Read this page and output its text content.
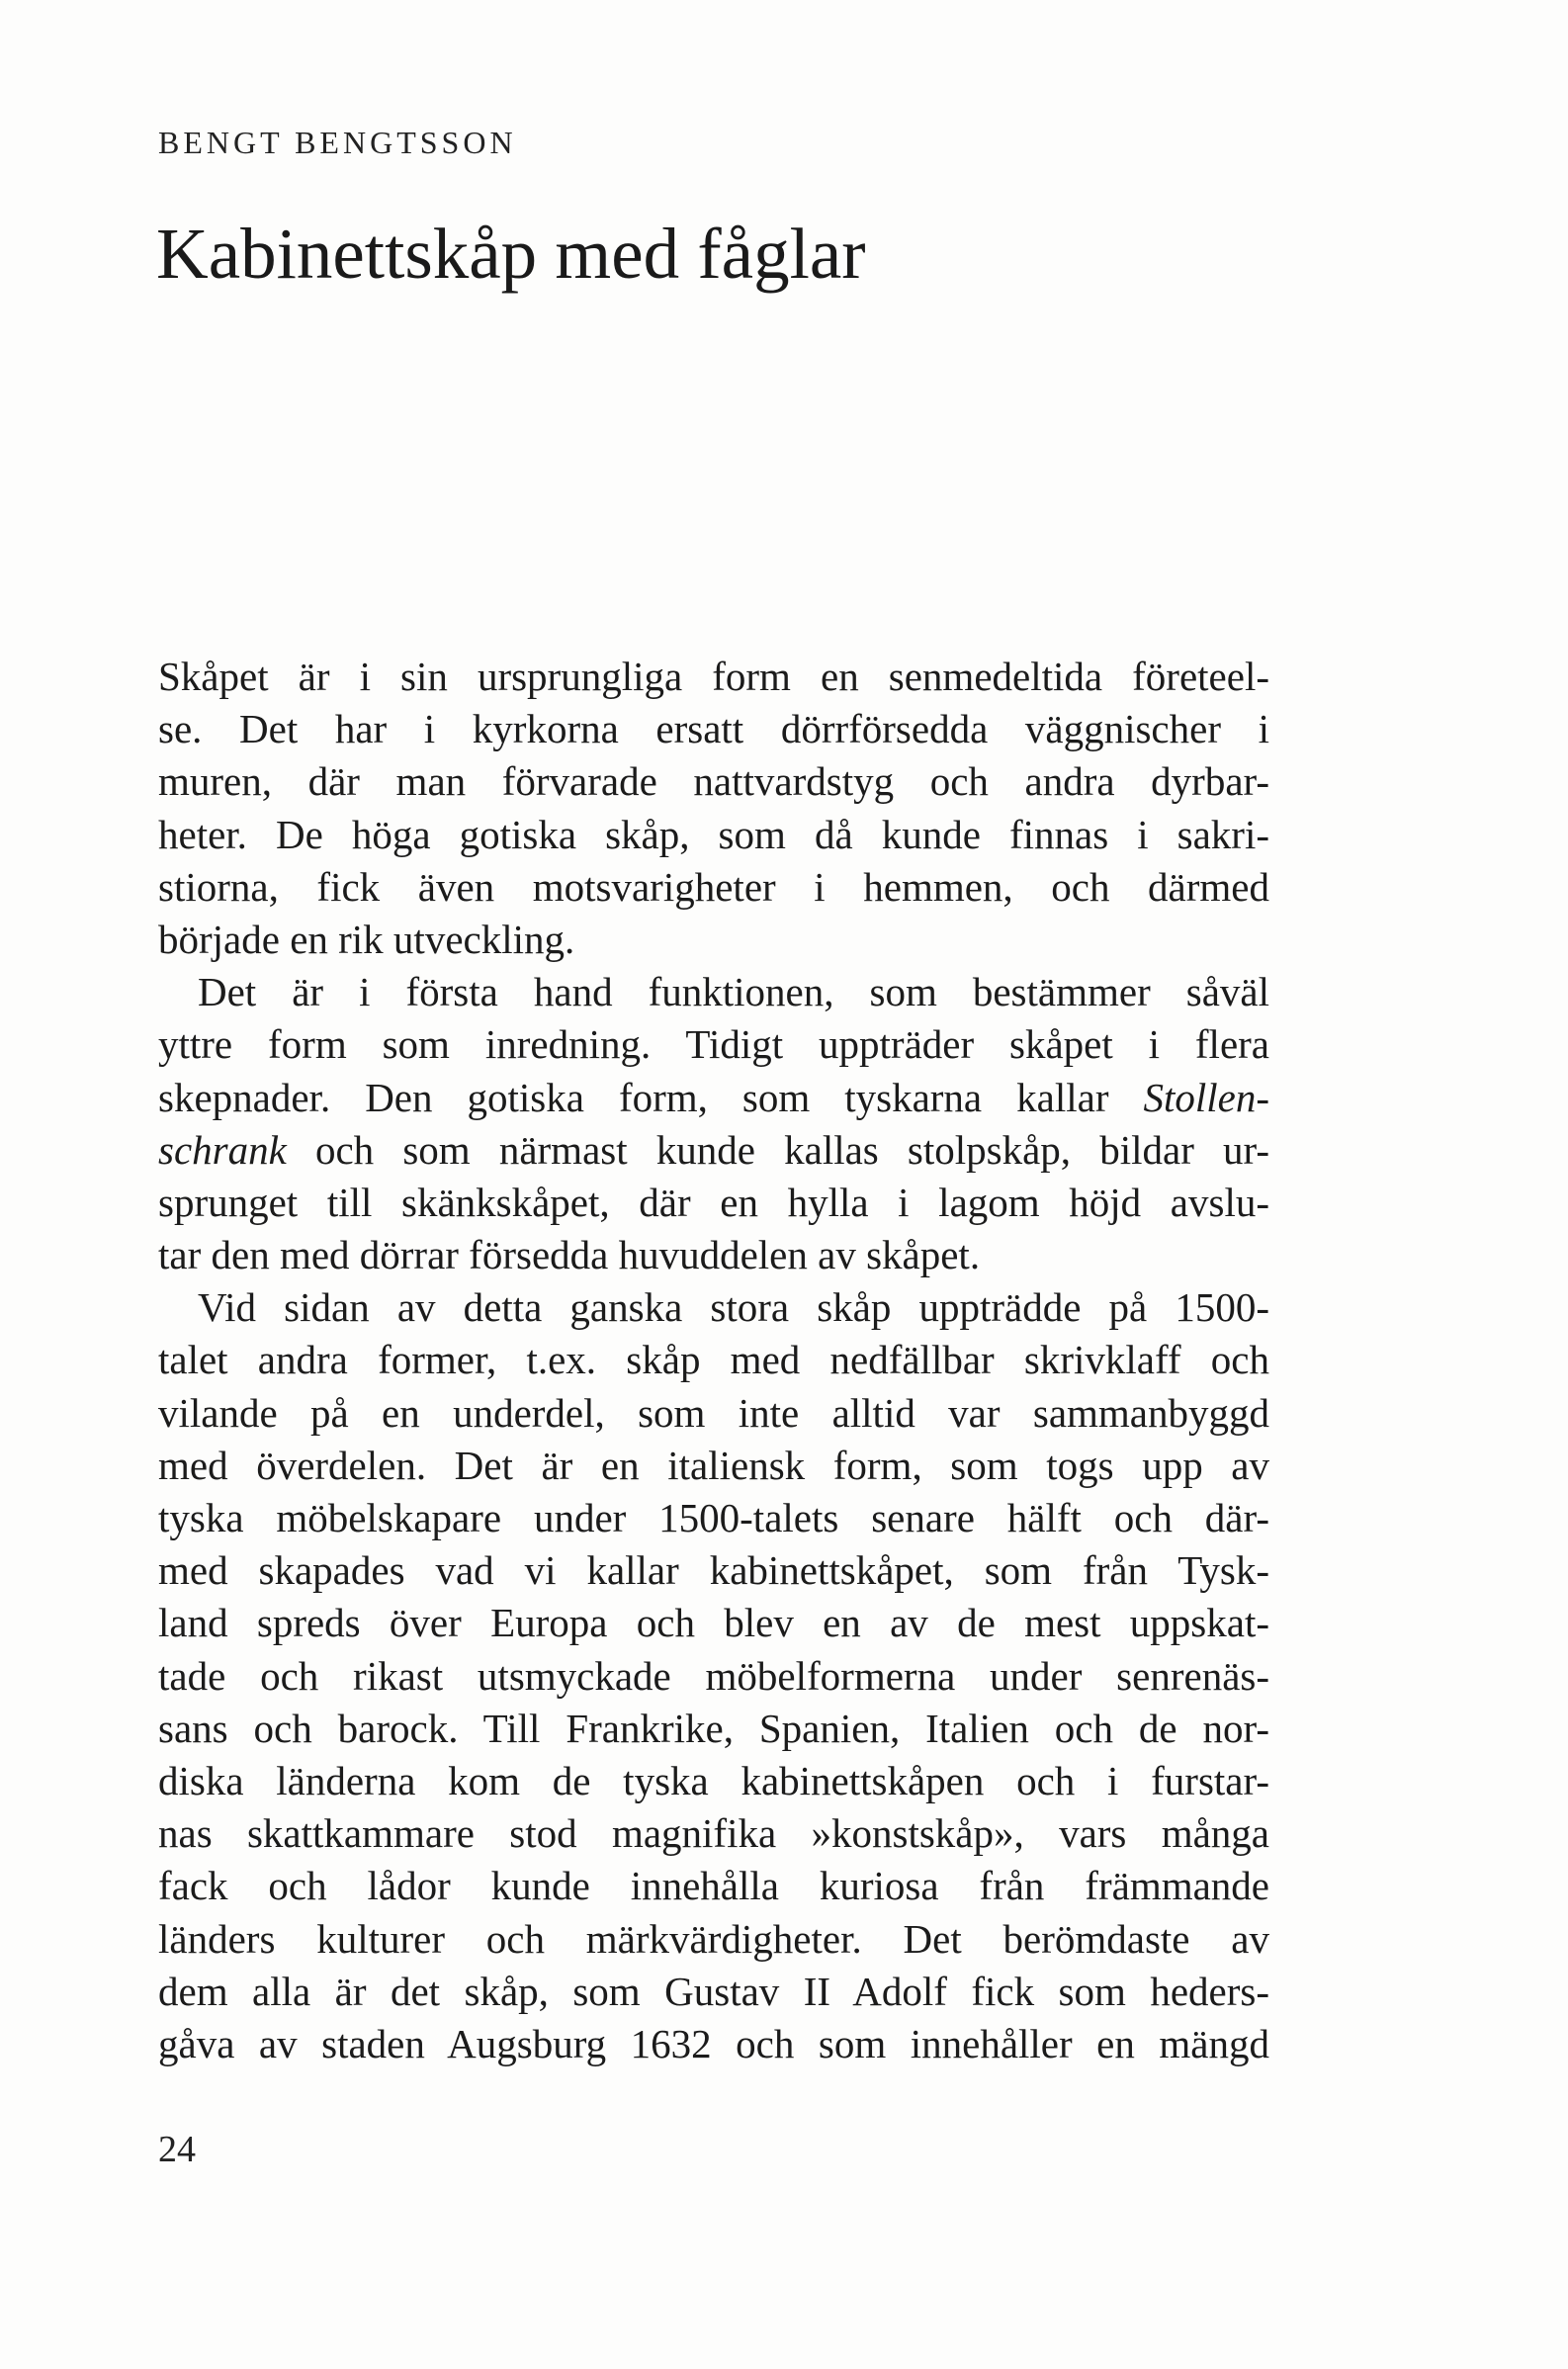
BENGT BENGTSSON
Kabinettskåp med fåglar
Skåpet är i sin ursprungliga form en senmedeltida företeel-
se. Det har i kyrkorna ersatt dörrförsedda väggnischer i
muren, där man förvarade nattvardstyg och andra dyrbar-
heter. De höga gotiska skåp, som då kunde finnas i sakri-
stiorna, fick även motsvarigheter i hemmen, och därmed
började en rik utveckling.
Det är i första hand funktionen, som bestämmer såväl
yttre form som inredning. Tidigt uppträder skåpet i flera
skepnader. Den gotiska form, som tyskarna kallar Stollen-
schrank och som närmast kunde kallas stolpskåp, bildar ur-
sprunget till skänkskåpet, där en hylla i lagom höjd avslu-
tar den med dörrar försedda huvuddelen av skåpet.
Vid sidan av detta ganska stora skåp uppträdde på 1500-
talet andra former, t.ex. skåp med nedfällbar skrivklaff och
vilande på en underdel, som inte alltid var sammanbyggd
med överdelen. Det är en italiensk form, som togs upp av
tyska möbelskapare under 1500-talets senare hälft och där-
med skapades vad vi kallar kabinettskåpet, som från Tysk-
land spreds över Europa och blev en av de mest uppskat-
tade och rikast utsmyckade möbelformerna under senrenäs-
sans och barock. Till Frankrike, Spanien, Italien och de nor-
diska länderna kom de tyska kabinettskåpen och i furstar-
nas skattkammare stod magnifika »konstskåp», vars många
fack och lådor kunde innehålla kuriosa från främmande
länders kulturer och märkvärdigheter. Det berömdaste av
dem alla är det skåp, som Gustav II Adolf fick som heders-
gåva av staden Augsburg 1632 och som innehåller en mängd
24
